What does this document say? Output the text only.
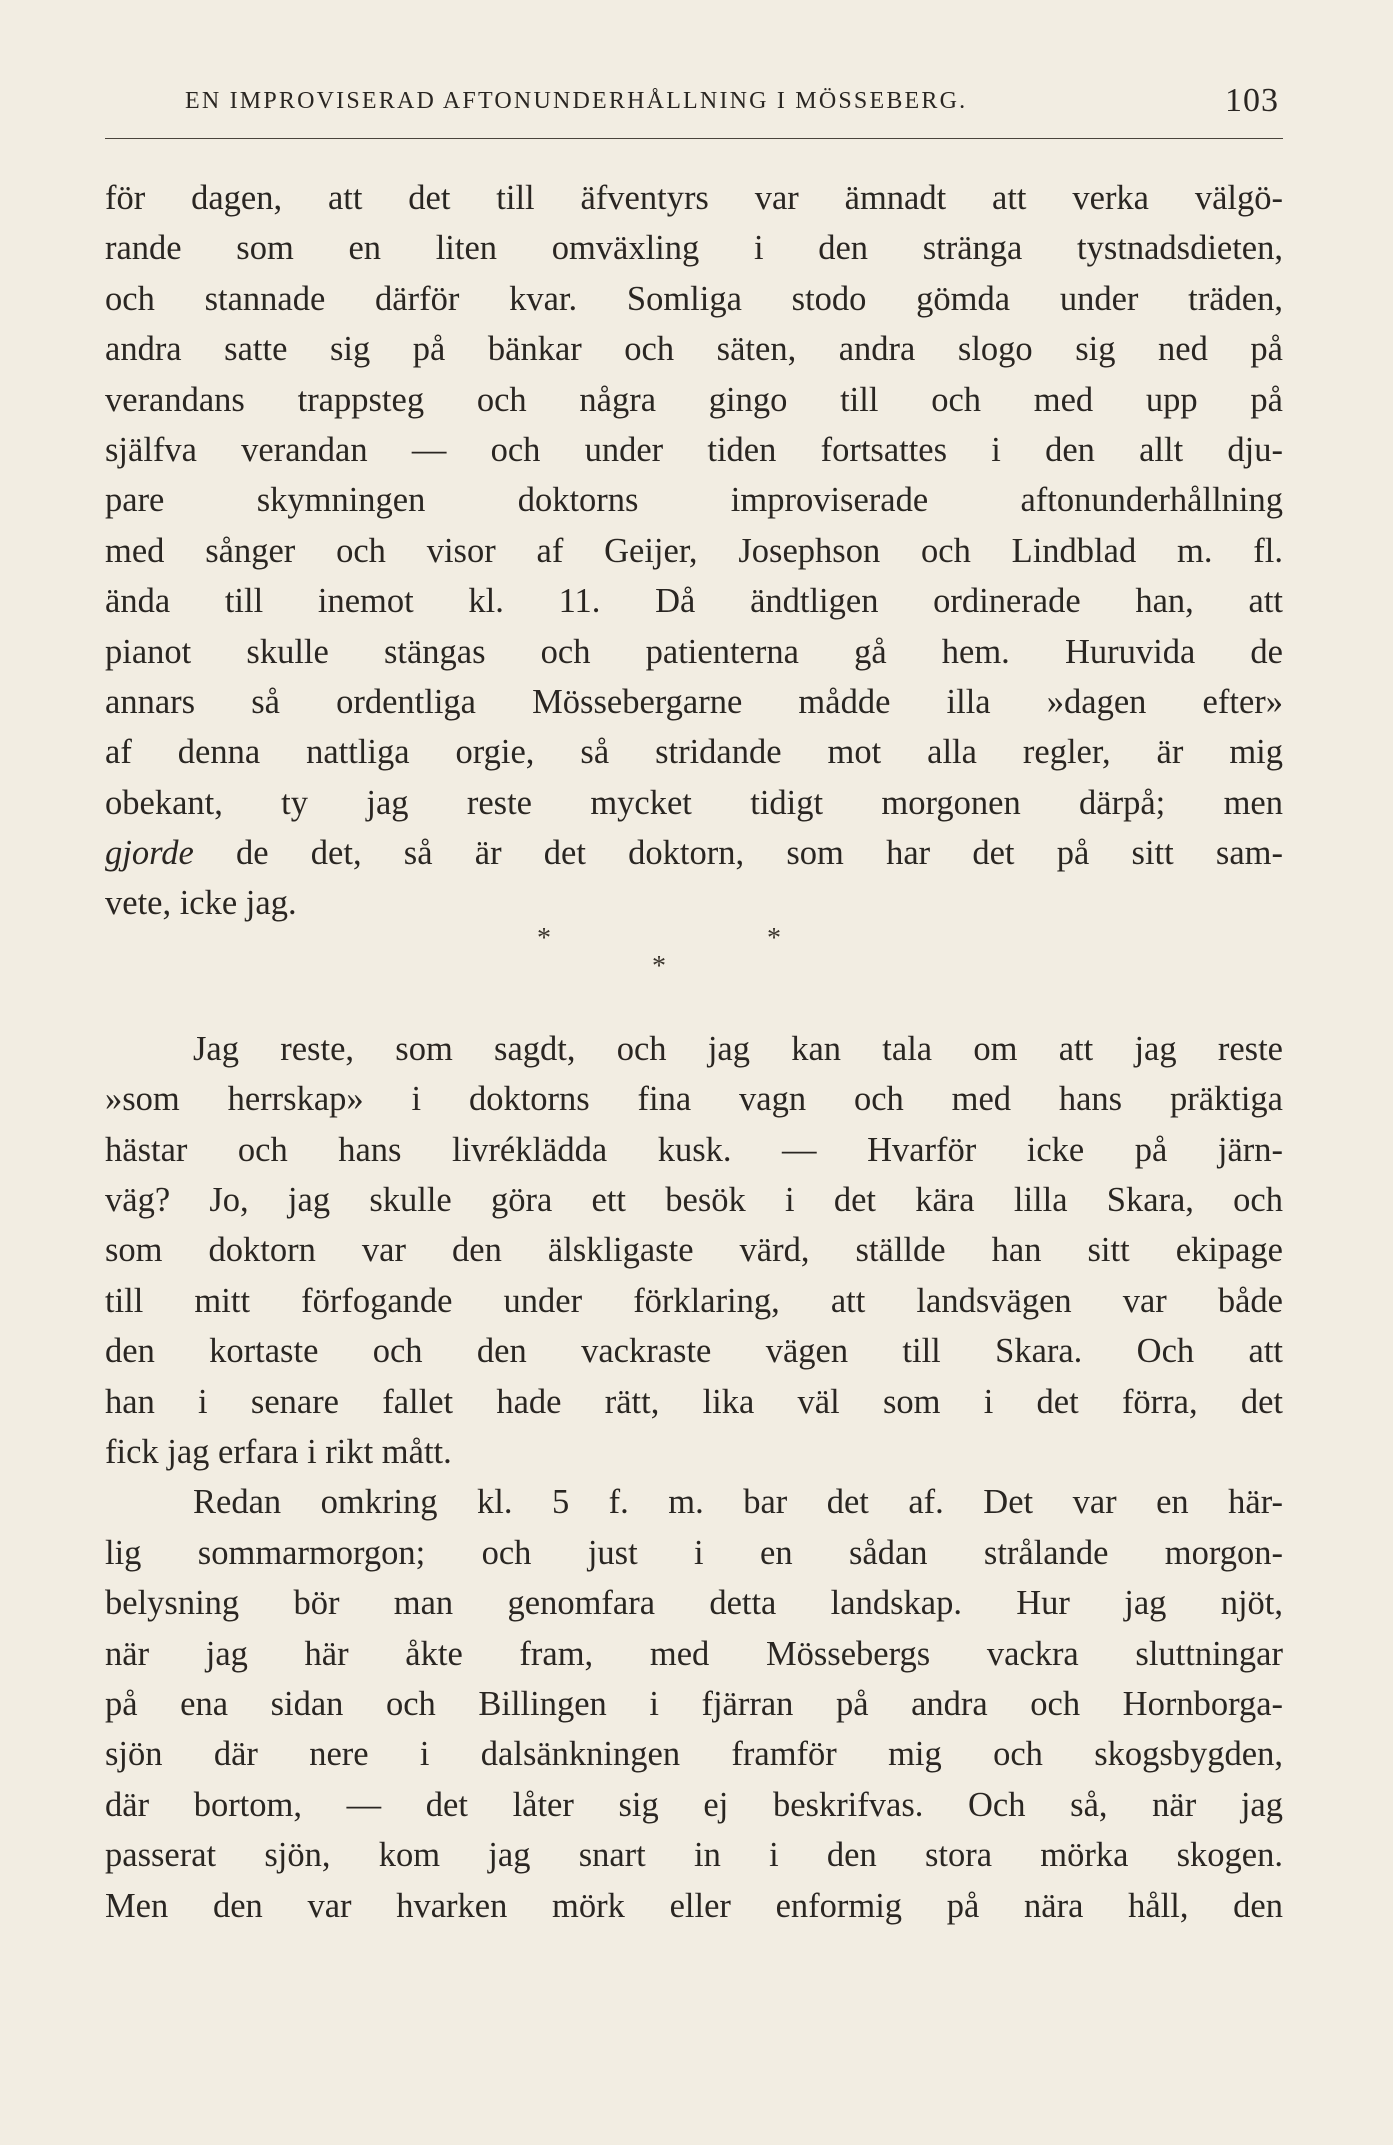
EN IMPROVISERAD AFTONUNDERHÅLLNING I MÖSSEBERG.	103
för dagen, att det till äfventyrs var ämnadt att verka välgö-
rande som en liten omväxling i den stränga tystnadsdieten,
och stannade därför kvar. Somliga stodo gömda under träden,
andra satte sig på bänkar och säten, andra slogo sig ned på
verandans trappsteg och några gingo till och med upp på
själfva verandan — och under tiden fortsattes i den allt dju-
pare skymningen doktorns improviserade aftonunderhållning
med sånger och visor af Geijer, Josephson och Lindblad m. fl.
ända till inemot kl. 11. Då ändtligen ordinerade han, att
pianot skulle stängas och patienterna gå hem. Huruvida de
annars så ordentliga Mössebergarne mådde illa »dagen efter»
af denna nattliga orgie, så stridande mot alla regler, är mig
obekant, ty jag reste mycket tidigt morgonen därpå; men
gjorde de det, så är det doktorn, som har det på sitt sam-
vete, icke jag.
*	*
*
Jag reste, som sagdt, och jag kan tala om att jag reste
»som herrskap» i doktorns fina vagn och med hans präktiga
hästar och hans livréklädda kusk. — Hvarför icke på järn-
väg? Jo, jag skulle göra ett besök i det kära lilla Skara, och
som doktorn var den älskligaste värd, ställde han sitt ekipage
till mitt förfogande under förklaring, att landsvägen var både
den kortaste och den vackraste vägen till Skara. Och att
han i senare fallet hade rätt, lika väl som i det förra, det
fick jag erfara i rikt mått.
Redan omkring kl. 5 f. m. bar det af. Det var en här-
lig sommarmorgon; och just i en sådan strålande morgon-
belysning bör man genomfara detta landskap. Hur jag njöt,
när jag här åkte fram, med Mössebergs vackra sluttningar
på ena sidan och Billingen i fjärran på andra och Hornborga-
sjön där nere i dalsänkningen framför mig och skogsbygden,
där bortom, — det låter sig ej beskrifvas. Och så, när jag
passerat sjön, kom jag snart in i den stora mörka skogen.
Men den var hvarken mörk eller enformig på nära håll, den
